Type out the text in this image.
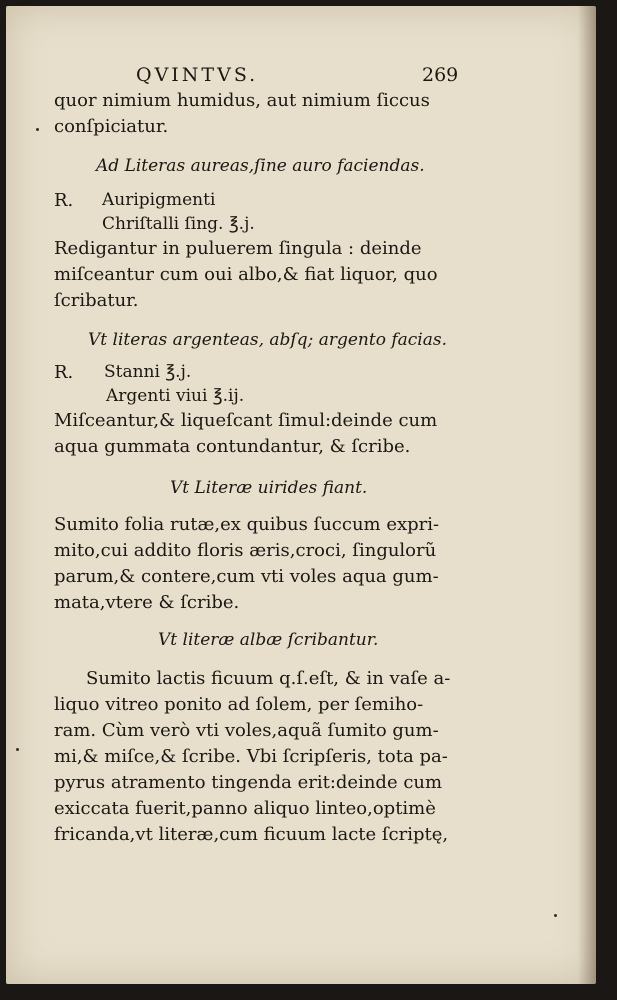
QVINTVS.	269
quor nimium humidus, aut nimium ſiccus
conſpiciatur.
Ad Literas aureas,ſine auro faciendas.
R. Auripigmenti
Chriſtalli ſing. ℥.j.
Redigantur in puluerem ſingula : deinde
miſceantur cum oui albo,& fiat liquor, quo
ſcribatur.
Vt literas argenteas, abſq; argento facias.
R. Stanni ℥.j.
Argenti viui ℥.ij.
Miſceantur,& liqueſcant ſimul:deinde cum
aqua gummata contundantur, & ſcribe.
Vt Literæ uirides fiant.
Sumito folia rutæ,ex quibus ſuccum expri-
mito,cui addito floris æris,croci, ſingulorũ
parum,& contere,cum vti voles aqua gum-
mata,vtere & ſcribe.
Vt literæ albæ ſcribantur.
Sumito lactis ficuum q.ſ.eſt, & in vaſe a-
liquo vitreo ponito ad ſolem, per ſemiho-
ram. Cùm verò vti voles,aquã ſumito gum-
mi,& miſce,& ſcribe. Vbi ſcripſeris, tota pa-
pyrus atramento tingenda erit:deinde cum
exiccata fuerit,panno aliquo linteo,optimè
fricanda,vt literæ,cum ficuum lacte ſcriptę,
